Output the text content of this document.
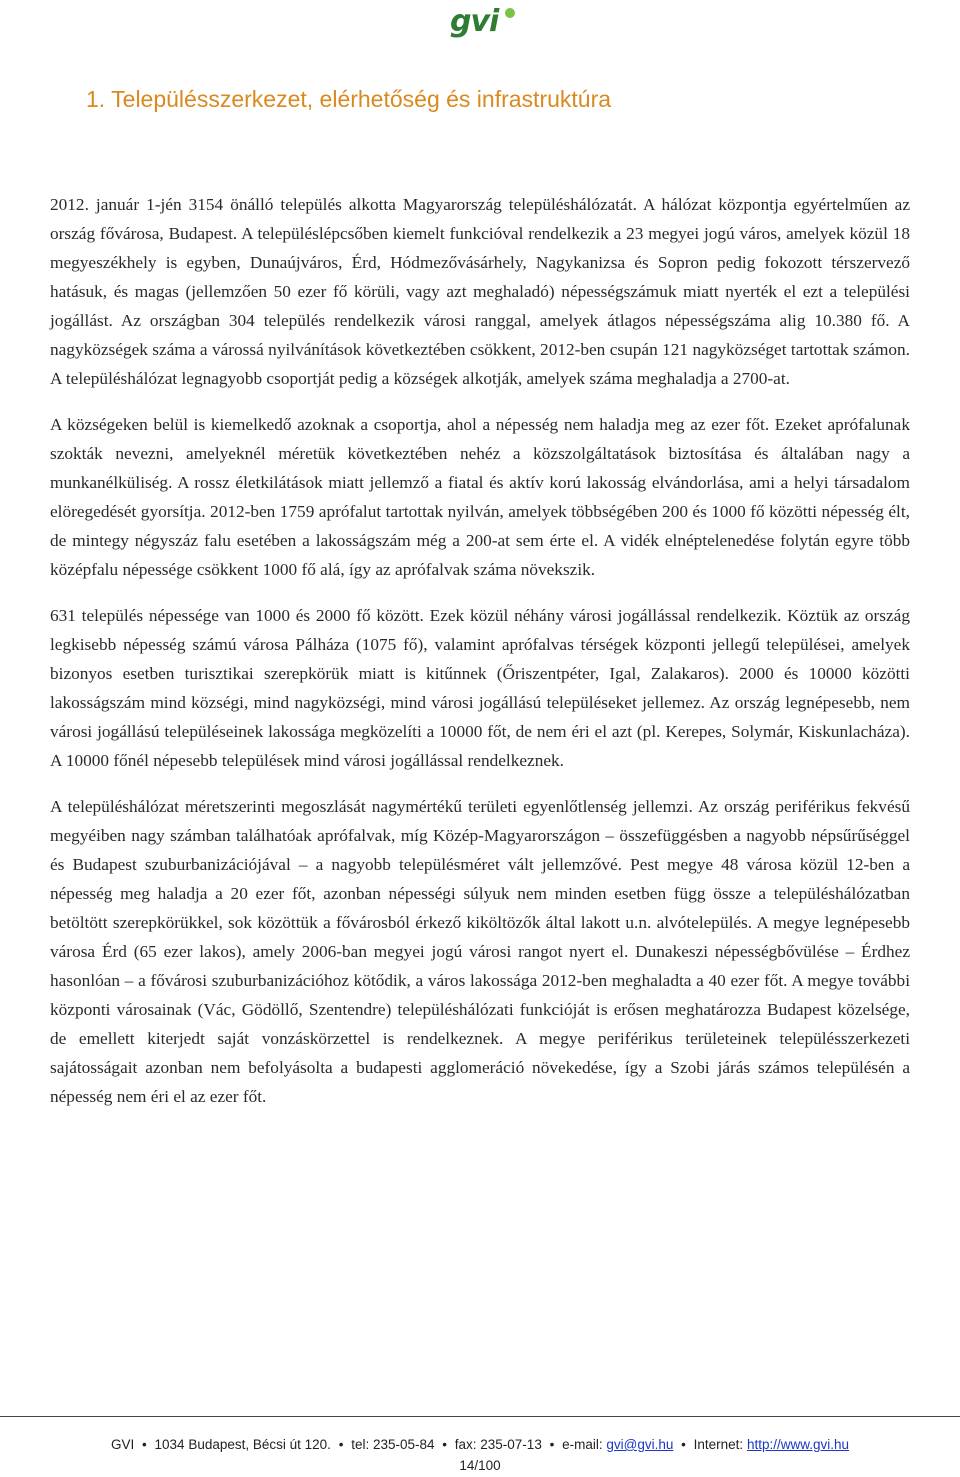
gvi
1. Településszerkezet, elérhetőség és infrastruktúra

2012. január 1-jén 3154 önálló település alkotta Magyarország településhálózatát. A hálózat központja egyértelműen az ország fővárosa, Budapest. A településlépcsőben kiemelt funkcióval rendelkezik a 23 megyei jogú város, amelyek közül 18 megyeszékhely is egyben, Dunaújváros, Érd, Hódmezővásárhely, Nagykanizsa és Sopron pedig fokozott térszervező hatásuk, és magas (jellemzően 50 ezer fő körüli, vagy azt meghaladó) népességszámuk miatt nyerték el ezt a települési jogállást. Az országban 304 település rendelkezik városi ranggal, amelyek átlagos népességszáma alig 10.380 fő. A nagyközségek száma a várossá nyilvánítások következtében csökkent, 2012-ben csupán 121 nagyközséget tartottak számon. A településhálózat legnagyobb csoportját pedig a községek alkotják, amelyek száma meghaladja a 2700-at.

A községeken belül is kiemelkedő azoknak a csoportja, ahol a népesség nem haladja meg az ezer főt. Ezeket aprófalunak szokták nevezni, amelyeknél méretük következtében nehéz a közszolgáltatások biztosítása és általában nagy a munkanélküliség. A rossz életkilátások miatt jellemző a fiatal és aktív korú lakosság elvándorlása, ami a helyi társadalom elöregedését gyorsítja. 2012-ben 1759 aprófalut tartottak nyilván, amelyek többségében 200 és 1000 fő közötti népesség élt, de mintegy négyszáz falu esetében a lakosságszám még a 200-at sem érte el. A vidék elnéptelenedése folytán egyre több középfalu népessége csökkent 1000 fő alá, így az aprófalvak száma növekszik.

631 település népessége van 1000 és 2000 fő között. Ezek közül néhány városi jogállással rendelkezik. Köztük az ország legkisebb népesség számú városa Pálháza (1075 fő), valamint aprófalvas térségek központi jellegű települései, amelyek bizonyos esetben turisztikai szerepkörük miatt is kitűnnek (Őriszentpéter, Igal, Zalakaros). 2000 és 10000 közötti lakosságszám mind községi, mind nagyközségi, mind városi jogállású településeket jellemez. Az ország legnépesebb, nem városi jogállású településeinek lakossága megközelíti a 10000 főt, de nem éri el azt (pl. Kerepes, Solymár, Kiskunlacháza). A 10000 főnél népesebb települések mind városi jogállással rendelkeznek.

A településhálózat méretszerinti megoszlását nagymértékű területi egyenlőtlenség jellemzi. Az ország periférikus fekvésű megyéiben nagy számban találhatóak aprófalvak, míg Közép-Magyarországon – összefüggésben a nagyobb népsűrűséggel és Budapest szuburbanizációjával – a nagyobb településméret vált jellemzővé. Pest megye 48 városa közül 12-ben a népesség meg haladja a 20 ezer főt, azonban népességi súlyuk nem minden esetben függ össze a településhálózatban betöltött szerepkörükkel, sok közöttük a fővárosból érkező kiköltözők által lakott u.n. alvótelepülés. A megye legnépesebb városa Érd (65 ezer lakos), amely 2006-ban megyei jogú városi rangot nyert el. Dunakeszi népességbővülése – Érdhez hasonlóan – a fővárosi szuburbanizációhoz kötődik, a város lakossága 2012-ben meghaladta a 40 ezer főt. A megye további központi városainak (Vác, Gödöllő, Szentendre) településhálózati funkcióját is erősen meghatározza Budapest közelsége, de emellett kiterjedt saját vonzáskörzettel is rendelkeznek. A megye periférikus területeinek településszerkezeti sajátosságait azonban nem befolyásolta a budapesti agglomeráció növekedése, így a Szobi járás számos településén a népesség nem éri el az ezer főt.

GVI • 1034 Budapest, Bécsi út 120. • tel: 235-05-84 • fax: 235-07-13 • e-mail: gvi@gvi.hu • Internet: http://www.gvi.hu
14/100
